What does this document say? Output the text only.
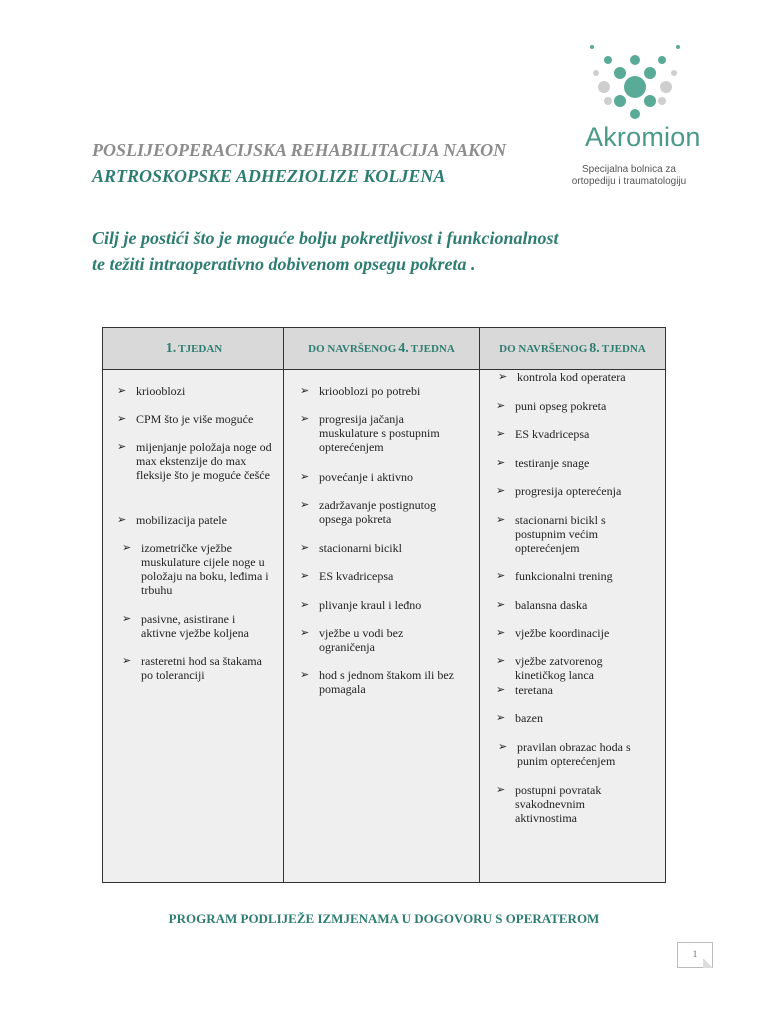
Akromion
Specijalna bolnica za
ortopediju i traumatologiju
POSLIJEOPERACIJSKA REHABILITACIJA NAKON
ARTROSKOPSKE ADHEZIOLIZE KOLJENA
Cilj je postići što je moguće bolju pokretljivost i funkcionalnost
te težiti intraoperativno dobivenom opsegu pokreta .
1. TJEDAN
➢ kriooblozi
➢ CPM što je više moguće
➢ mijenjanje položaja noge od max ekstenzije do max fleksije što je moguće češće
➢ mobilizacija patele
➢ izometričke vježbe muskulature cijele noge u položaju na boku, leđima i trbuhu
➢ pasivne, asistirane i aktivne vježbe koljena
➢ rasteretni hod sa štakama po toleranciji
DO NAVRŠENOG 4. TJEDNA
➢ kriooblozi po potrebi
➢ progresija jačanja muskulature s postupnim opterećenjem
➢ povećanje i aktivno
➢ zadržavanje postignutog opsega pokreta
➢ stacionarni bicikl
➢ ES kvadricepsa
➢ plivanje kraul i leđno
➢ vježbe u vodi bez ograničenja
➢ hod s jednom štakom ili bez pomagala
DO NAVRŠENOG 8. TJEDNA
➢ kontrola kod operatera
➢ puni opseg pokreta
➢ ES kvadricepsa
➢ testiranje snage
➢ progresija opterećenja
➢ stacionarni bicikl s postupnim većim opterećenjem
➢ funkcionalni trening
➢ balansna daska
➢ vježbe koordinacije
➢ vježbe zatvorenog kinetičkog lanca
➢ teretana
➢ bazen
➢ pravilan obrazac hoda s punim opterećenjem
➢ postupni povratak svakodnevnim aktivnostima
PROGRAM PODLIJEŽE IZMJENAMA U DOGOVORU S OPERATEROM
1
